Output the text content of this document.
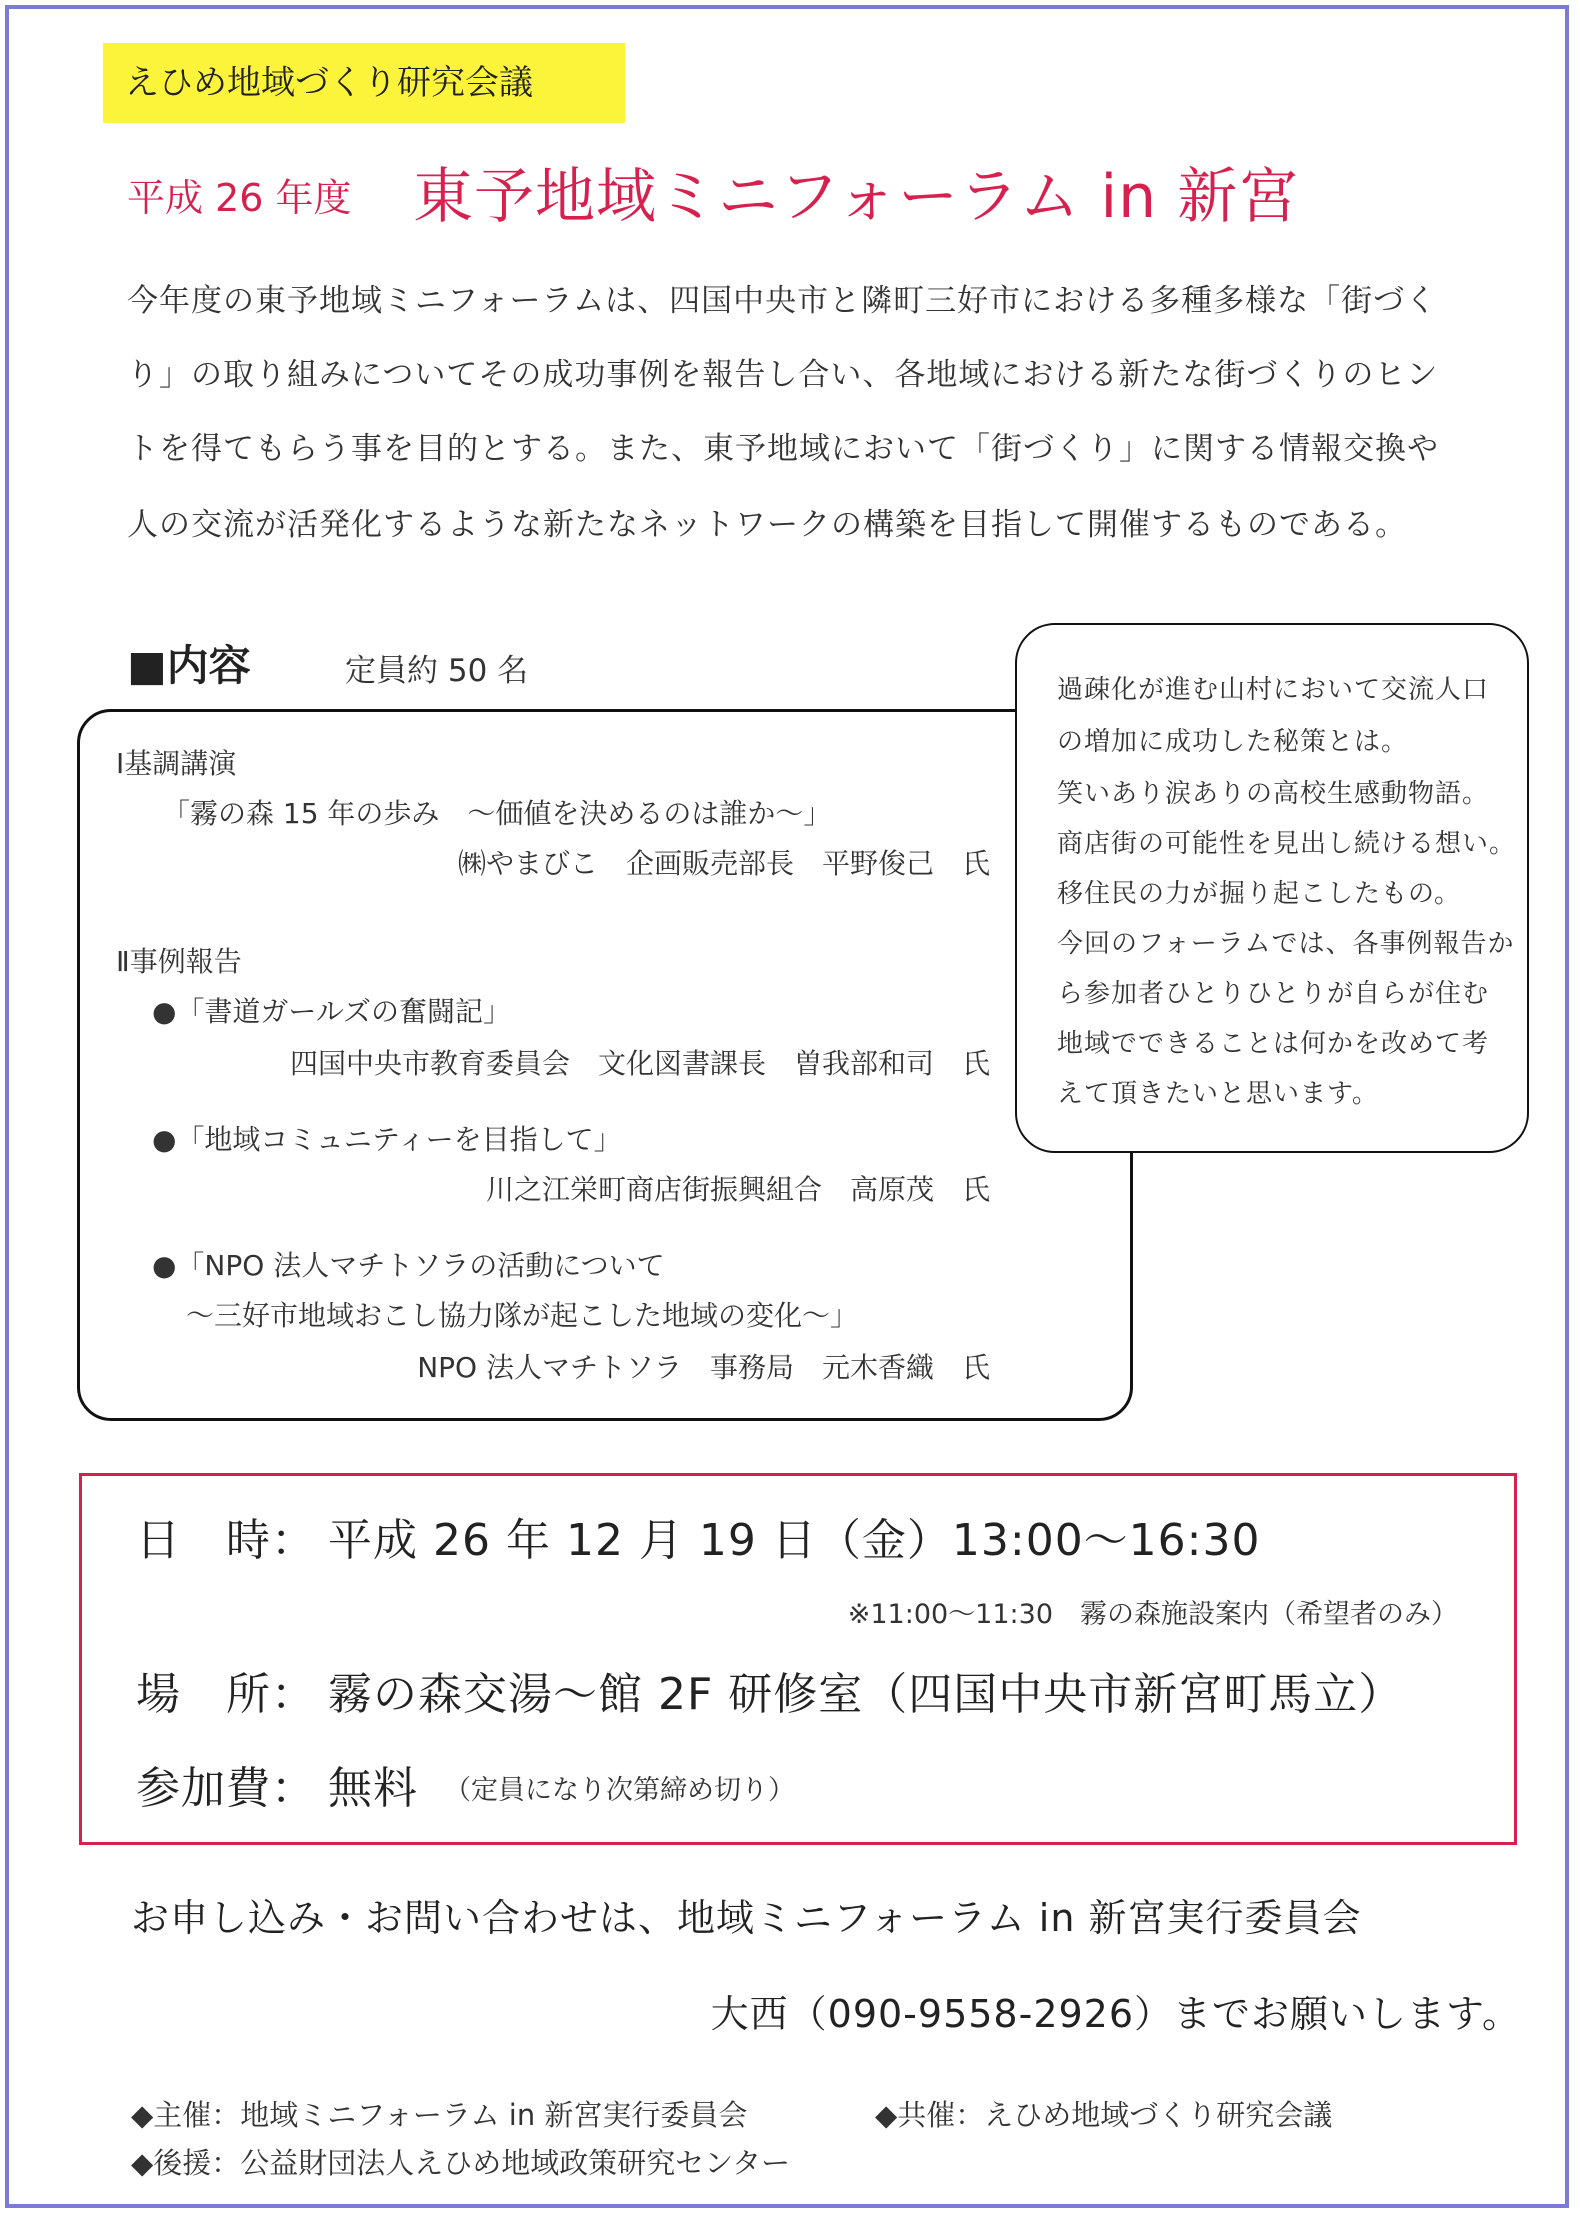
えひめ地域づくり研究会議
平成 26 年度 東予地域ミニフォーラム in 新宮
今年度の東予地域ミニフォーラムは、四国中央市と隣町三好市における多種多様な「街づく
り」の取り組みについてその成功事例を報告し合い、各地域における新たな街づくりのヒン
トを得てもらう事を目的とする。また、東予地域において「街づくり」に関する情報交換や
人の交流が活発化するような新たなネットワークの構築を目指して開催するものである。
■内容	定員約 50 名
Ⅰ基調講演
「霧の森 15 年の歩み　～価値を決めるのは誰か～」
㈱やまびこ　企画販売部長　平野俊己　氏
Ⅱ事例報告
●「書道ガールズの奮闘記」
四国中央市教育委員会　文化図書課長　曽我部和司　氏
●「地域コミュニティーを目指して」
川之江栄町商店街振興組合　高原茂　氏
●「NPO 法人マチトソラの活動について
～三好市地域おこし協力隊が起こした地域の変化～」
NPO 法人マチトソラ　事務局　元木香織　氏
過疎化が進む山村において交流人口
の増加に成功した秘策とは。
笑いあり涙ありの高校生感動物語。
商店街の可能性を見出し続ける想い。
移住民の力が掘り起こしたもの。
今回のフォーラムでは、各事例報告か
ら参加者ひとりひとりが自らが住む
地域でできることは何かを改めて考
えて頂きたいと思います。
日　時： 平成 26 年 12 月 19 日（金）13:00～16:30
※11:00～11:30　霧の森施設案内（希望者のみ）
場　所： 霧の森交湯～館 2F 研修室（四国中央市新宮町馬立）
参加費： 無料 （定員になり次第締め切り）
お申し込み・お問い合わせは、地域ミニフォーラム in 新宮実行委員会
大西（090-9558-2926）までお願いします。
◆主催：地域ミニフォーラム in 新宮実行委員会	◆共催：えひめ地域づくり研究会議
◆後援：公益財団法人えひめ地域政策研究センター
